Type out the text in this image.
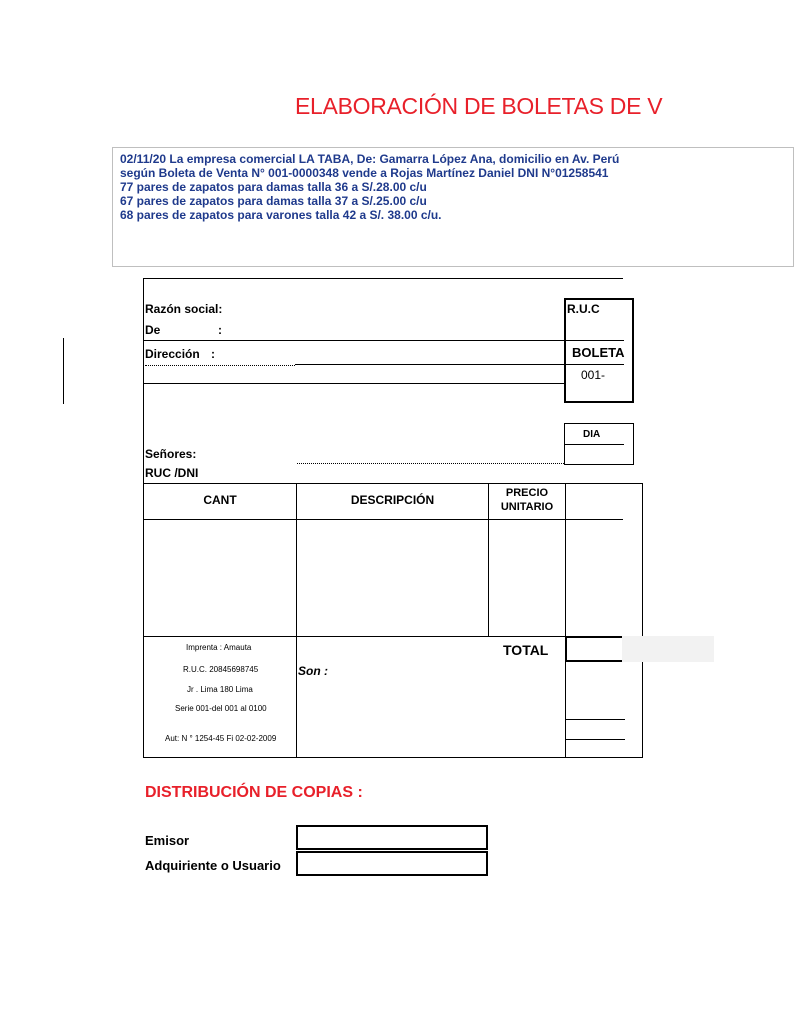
ELABORACIÓN DE BOLETAS DE V
02/11/20 La empresa comercial LA TABA, De: Gamarra López Ana, domicilio en Av. Perú
según Boleta de Venta N° 001-0000348 vende a Rojas Martínez Daniel DNI N°01258541
77 pares de zapatos para damas talla 36 a S/.28.00 c/u
67 pares de zapatos para damas talla 37 a S/.25.00 c/u
68 pares de zapatos para varones talla 42 a S/. 38.00 c/u.
Razón social:
De	:
Dirección :
R.U.C
BOLETA
001-
DIA
Señores:
RUC /DNI
CANT	DESCRIPCIÓN	PRECIO
UNITARIO
Imprenta : Amauta
R.U.C. 20845698745
Jr . Lima 180 Lima
Serie 001-del 001 al 0100
Aut: N ° 1254-45 Fi 02-02-2009
Son :
TOTAL
DISTRIBUCIÓN DE COPIAS :
Emisor
Adquiriente o Usuario
